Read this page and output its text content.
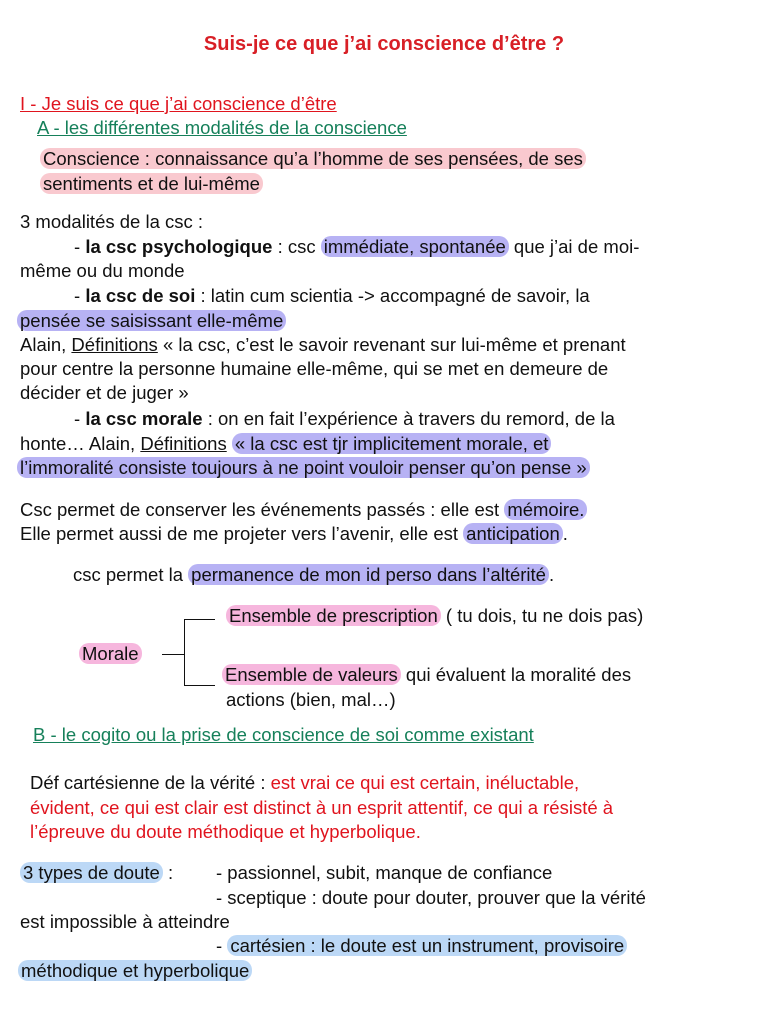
Suis-je ce que j’ai conscience d’être ?
I - Je suis ce que j’ai conscience d’être
A - les différentes modalités de la conscience
Conscience : connaissance qu’a l’homme de ses pensées, de ses
sentiments et de lui-même
3 modalités de la csc :
- la csc psychologique : csc immédiate, spontanée que j’ai de moi-
même ou du monde
- la csc de soi : latin cum scientia -> accompagné de savoir, la
pensée se saisissant elle-même
Alain, Définitions « la csc, c’est le savoir revenant sur lui-même et prenant
pour centre la personne humaine elle-même, qui se met en demeure de
décider et de juger »
- la csc morale : on en fait l’expérience à travers du remord, de la
honte… Alain, Définitions « la csc est tjr implicitement morale, et
l’immoralité consiste toujours à ne point vouloir penser qu’on pense »
Csc permet de conserver les événements passés : elle est mémoire.
Elle permet aussi de me projeter vers l’avenir, elle est anticipation .
csc permet la permanence de mon id perso dans l’altérité .
Morale
Ensemble de prescription ( tu dois, tu ne dois pas)
Ensemble de valeurs qui évaluent la moralité des
actions (bien, mal…)
B - le cogito ou la prise de conscience de soi comme existant
Déf cartésienne de la vérité : est vrai ce qui est certain, inéluctable,
évident, ce qui est clair est distinct à un esprit attentif, ce qui a résisté à
l’épreuve du doute méthodique et hyperbolique.
3 types de doute : - passionnel, subit, manque de confiance
- sceptique : doute pour douter, prouver que la vérité
est impossible à atteindre
- cartésien : le doute est un instrument, provisoire
méthodique et hyperbolique
